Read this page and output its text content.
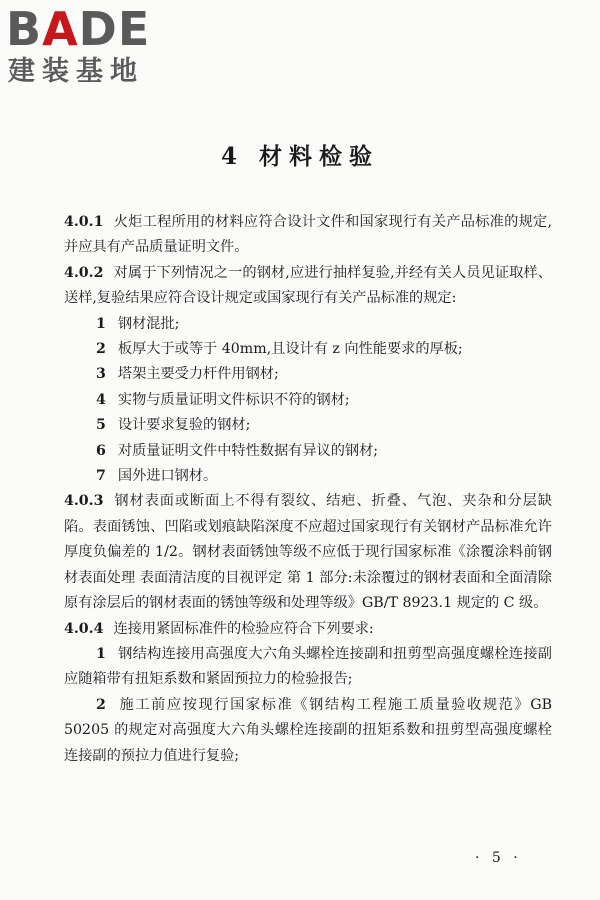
BADE
建装基地
4 材料检验

4.0.1 火炬工程所用的材料应符合设计文件和国家现行有关产品标准的规定,并应具有产品质量证明文件。

4.0.2 对属于下列情况之一的钢材,应进行抽样复验,并经有关人员见证取样、送样,复验结果应符合设计规定或国家现行有关产品标准的规定:

1 钢材混批;

2 板厚大于或等于 40mm,且设计有 z 向性能要求的厚板;

3 塔架主要受力杆件用钢材;

4 实物与质量证明文件标识不符的钢材;

5 设计要求复验的钢材;

6 对质量证明文件中特性数据有异议的钢材;

7 国外进口钢材。

4.0.3 钢材表面或断面上不得有裂纹、结疤、折叠、气泡、夹杂和分层缺陷。表面锈蚀、凹陷或划痕缺陷深度不应超过国家现行有关钢材产品标准允许厚度负偏差的 1/2。钢材表面锈蚀等级不应低于现行国家标准《涂覆涂料前钢材表面处理 表面清洁度的目视评定 第 1 部分:未涂覆过的钢材表面和全面清除原有涂层后的钢材表面的锈蚀等级和处理等级》GB/T 8923.1 规定的 C 级。

4.0.4 连接用紧固标准件的检验应符合下列要求:

1 钢结构连接用高强度大六角头螺栓连接副和扭剪型高强度螺栓连接副应随箱带有扭矩系数和紧固预拉力的检验报告;

2 施工前应按现行国家标准《钢结构工程施工质量验收规范》GB 50205 的规定对高强度大六角头螺栓连接副的扭矩系数和扭剪型高强度螺栓连接副的预拉力值进行复验;

· 5 ·
